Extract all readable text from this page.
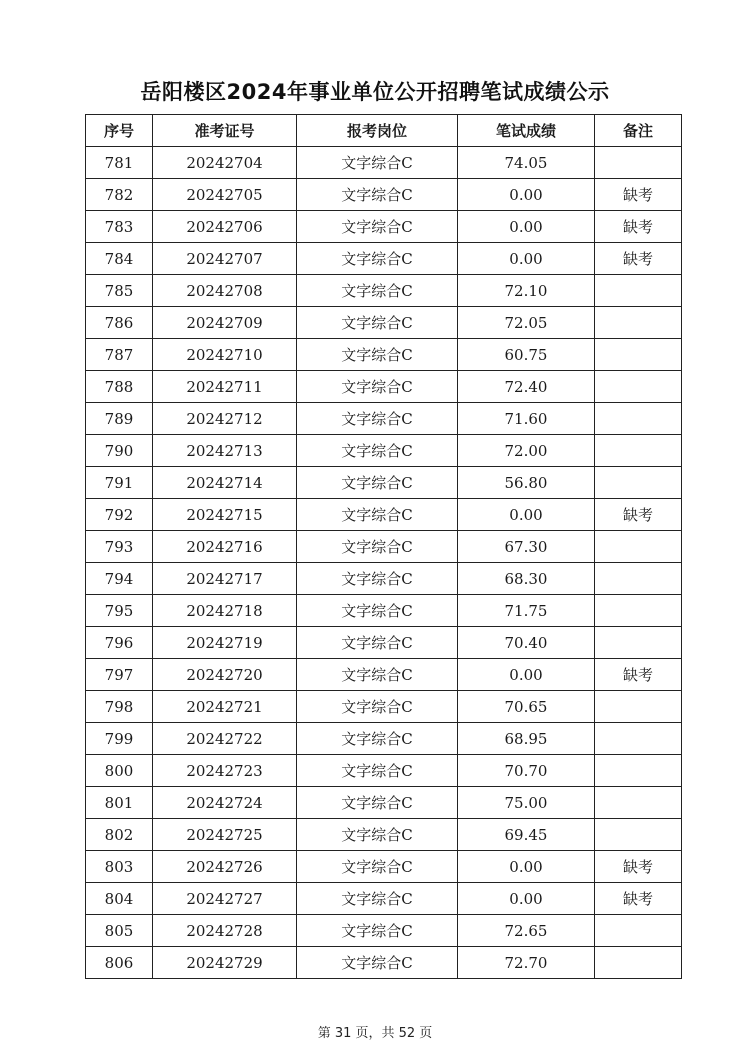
岳阳楼区2024年事业单位公开招聘笔试成绩公示
序号	准考证号	报考岗位	笔试成绩	备注
781	20242704	文字综合C	74.05	
782	20242705	文字综合C	0.00	缺考
783	20242706	文字综合C	0.00	缺考
784	20242707	文字综合C	0.00	缺考
785	20242708	文字综合C	72.10	
786	20242709	文字综合C	72.05	
787	20242710	文字综合C	60.75	
788	20242711	文字综合C	72.40	
789	20242712	文字综合C	71.60	
790	20242713	文字综合C	72.00	
791	20242714	文字综合C	56.80	
792	20242715	文字综合C	0.00	缺考
793	20242716	文字综合C	67.30	
794	20242717	文字综合C	68.30	
795	20242718	文字综合C	71.75	
796	20242719	文字综合C	70.40	
797	20242720	文字综合C	0.00	缺考
798	20242721	文字综合C	70.65	
799	20242722	文字综合C	68.95	
800	20242723	文字综合C	70.70	
801	20242724	文字综合C	75.00	
802	20242725	文字综合C	69.45	
803	20242726	文字综合C	0.00	缺考
804	20242727	文字综合C	0.00	缺考
805	20242728	文字综合C	72.65	
806	20242729	文字综合C	72.70	
第 31 页，共 52 页
